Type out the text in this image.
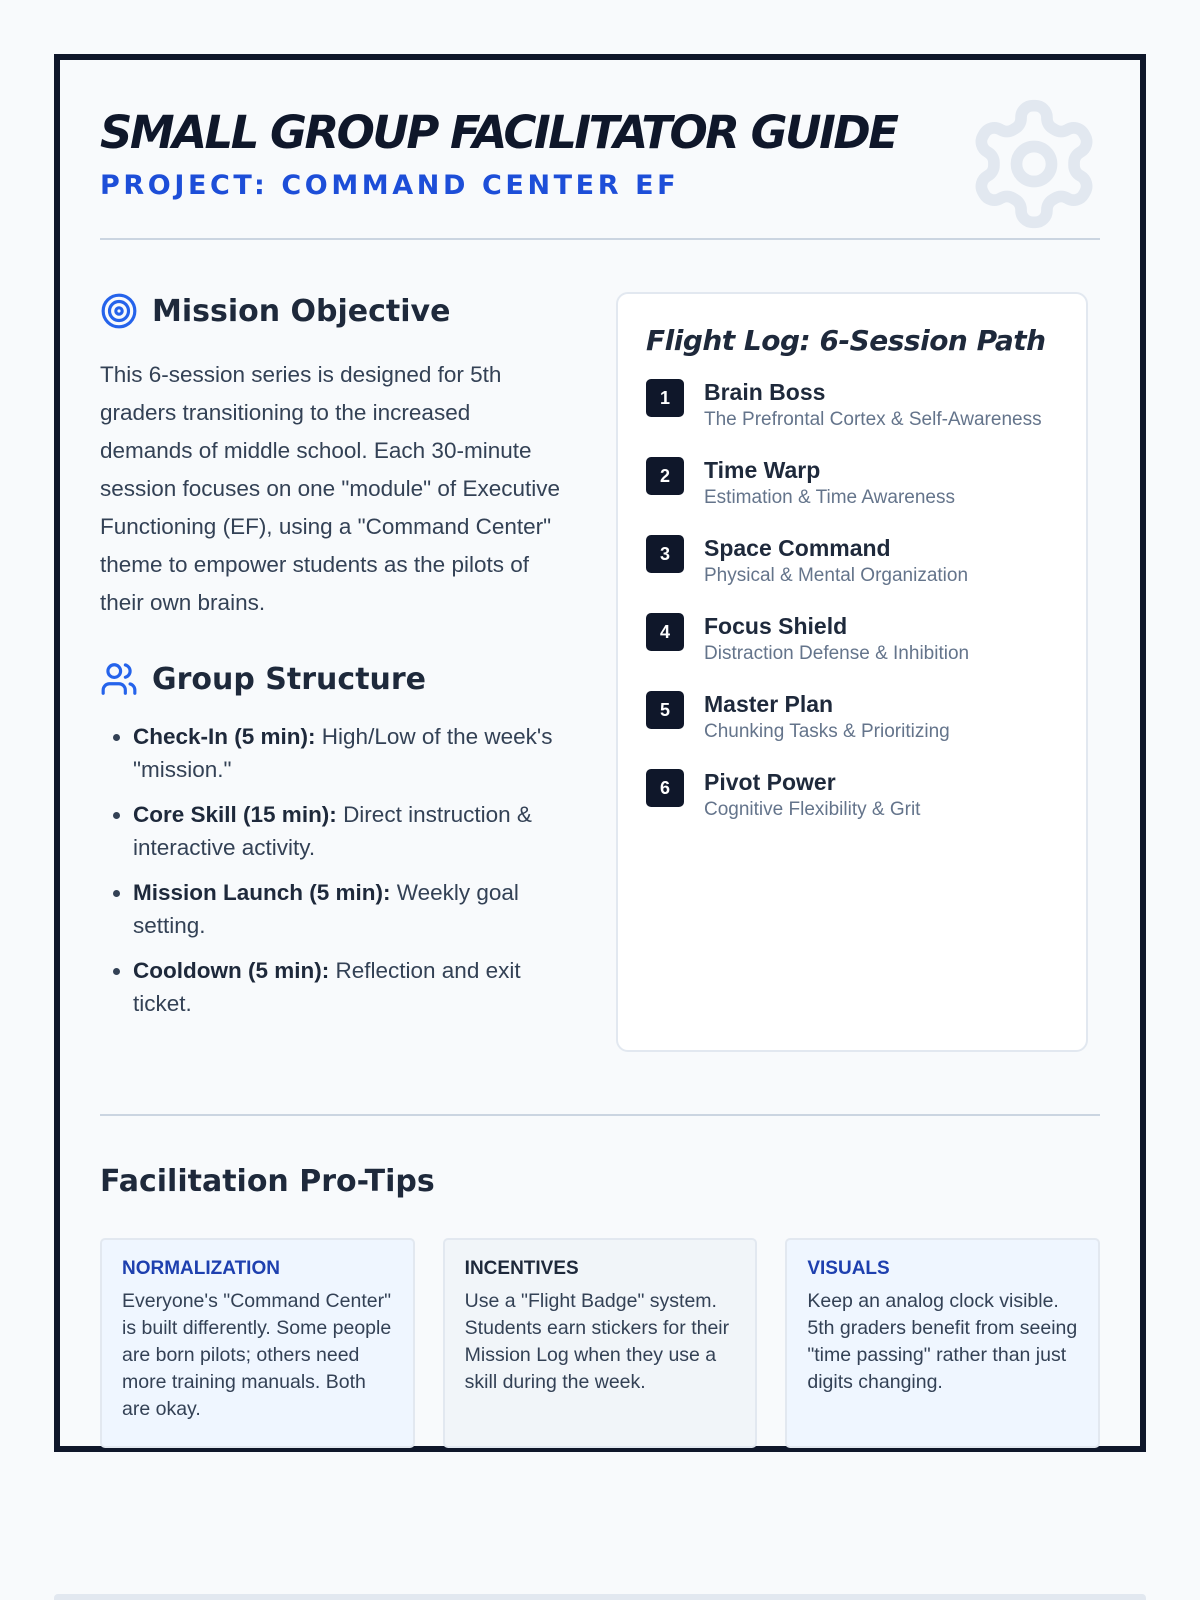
SMALL GROUP FACILITATOR GUIDE
PROJECT: COMMAND CENTER EF
Mission Objective

This 6-session series is designed for 5th graders transitioning to the increased demands of middle school. Each 30-minute session focuses on one "module" of Executive Functioning (EF), using a "Command Center" theme to empower students as the pilots of their own brains.

Group Structure
• Check-In (5 min): High/Low of the week's "mission."
• Core Skill (15 min): Direct instruction & interactive activity.
• Mission Launch (5 min): Weekly goal setting.
• Cooldown (5 min): Reflection and exit ticket.
Flight Log: 6-Session Path
1	Brain Boss
The Prefrontal Cortex & Self-Awareness
2	Time Warp
Estimation & Time Awareness
3	Space Command
Physical & Mental Organization
4	Focus Shield
Distraction Defense & Inhibition
5	Master Plan
Chunking Tasks & Prioritizing
6	Pivot Power
Cognitive Flexibility & Grit
Facilitation Pro-Tips
NORMALIZATION
Everyone's "Command Center" is built differently. Some people are born pilots; others need more training manuals. Both are okay.
INCENTIVES
Use a "Flight Badge" system. Students earn stickers for their Mission Log when they use a skill during the week.
VISUALS
Keep an analog clock visible. 5th graders benefit from seeing "time passing" rather than just digits changing.
